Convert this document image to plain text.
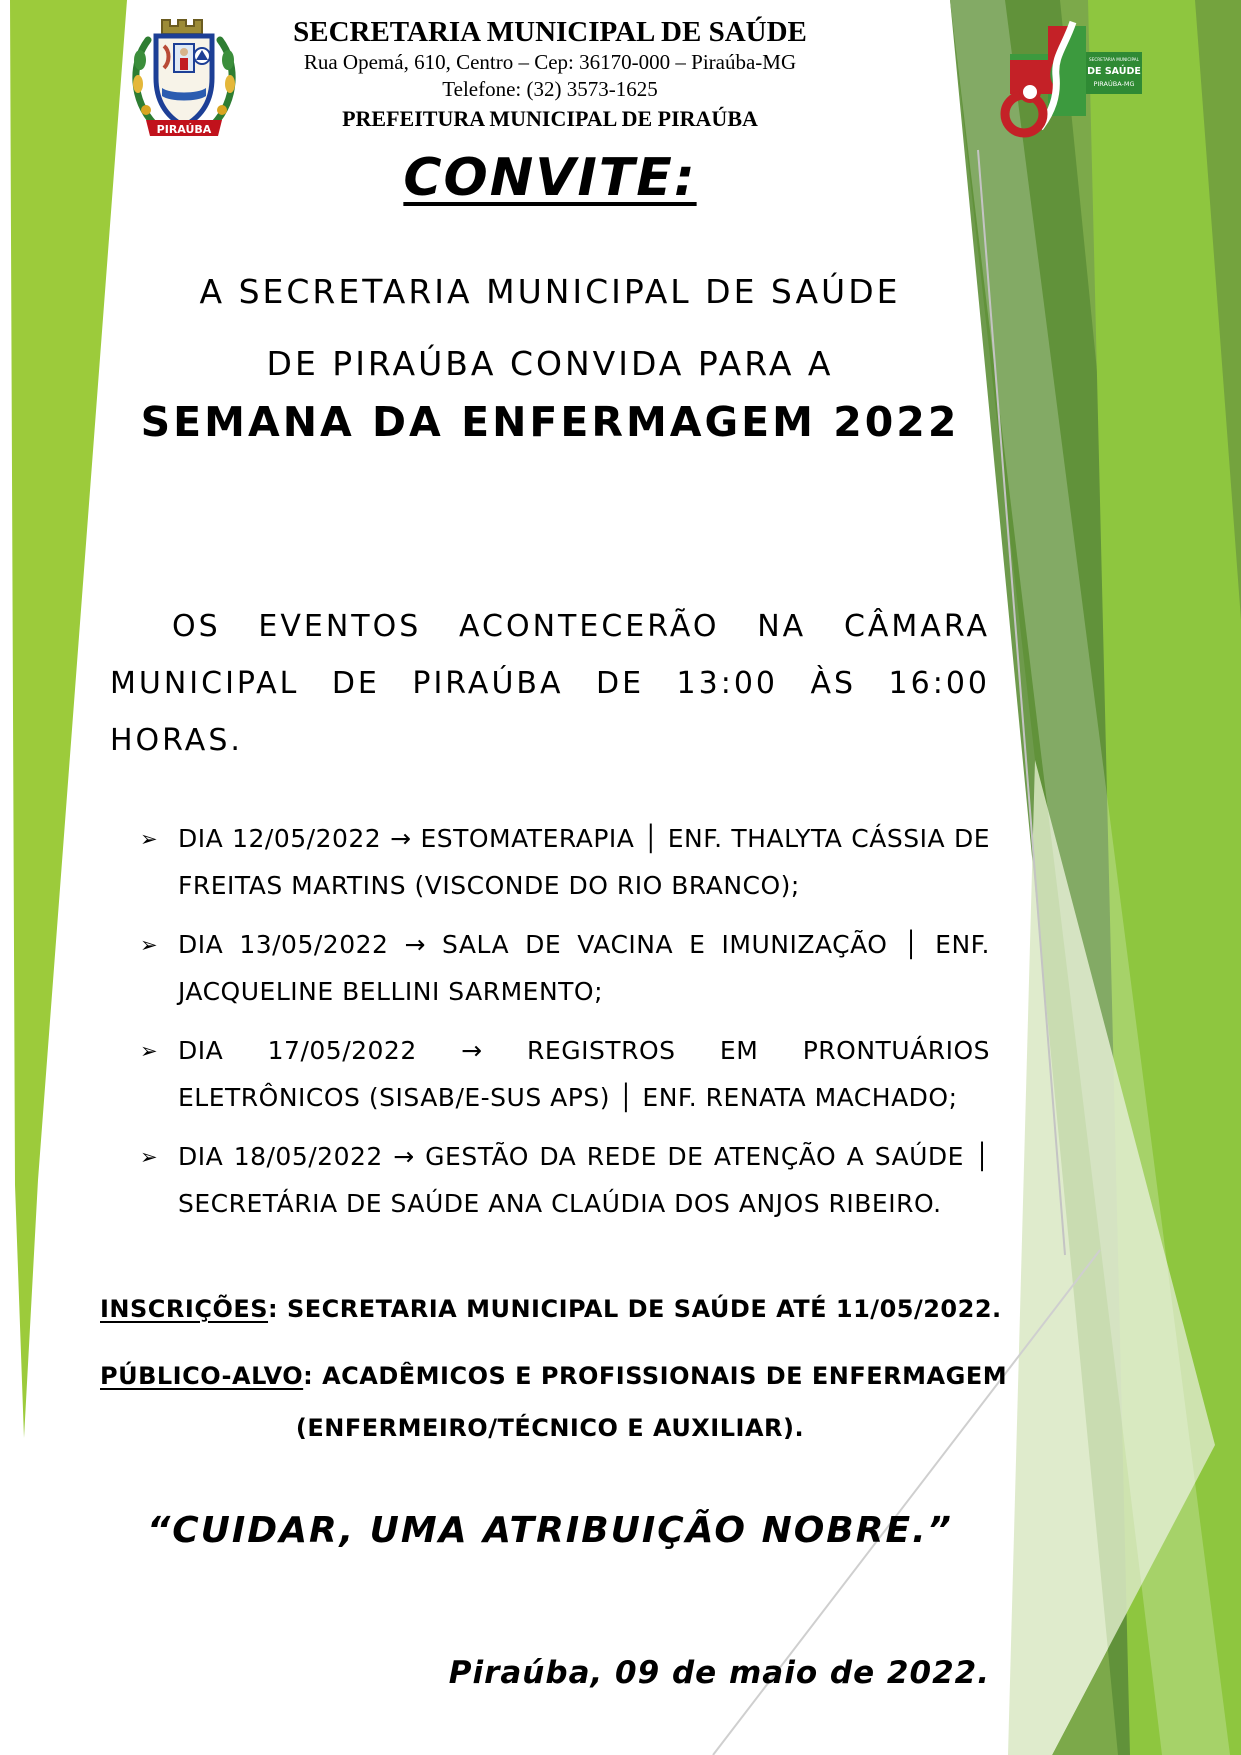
PIRAÚBA
SECRETARIA MUNICIPAL DE SAÚDE
Rua Opemá, 610, Centro – Cep: 36170-000 – Piraúba-MG
Telefone: (32) 3573-1625
PREFEITURA MUNICIPAL DE PIRAÚBA
SECRETARIA MUNICIPAL
DE SAÚDE
PIRAÚBA-MG
CONVITE:
A SECRETARIA MUNICIPAL DE SAÚDE
DE PIRAÚBA CONVIDA PARA A
SEMANA DA ENFERMAGEM 2022
OS EVENTOS ACONTECERÃO NA CÂMARA MUNICIPAL DE PIRAÚBA DE 13:00 ÀS 16:00 HORAS.
➢ DIA 12/05/2022 → ESTOMATERAPIA │ ENF. THALYTA CÁSSIA DE FREITAS MARTINS (VISCONDE DO RIO BRANCO);
➢ DIA 13/05/2022 → SALA DE VACINA E IMUNIZAÇÃO │ ENF. JACQUELINE BELLINI SARMENTO;
➢ DIA 17/05/2022 → REGISTROS EM PRONTUÁRIOS ELETRÔNICOS (SISAB/E-SUS APS) │ ENF. RENATA MACHADO;
➢ DIA 18/05/2022 → GESTÃO DA REDE DE ATENÇÃO A SAÚDE │ SECRETÁRIA DE SAÚDE ANA CLAÚDIA DOS ANJOS RIBEIRO.
INSCRIÇÕES: SECRETARIA MUNICIPAL DE SAÚDE ATÉ 11/05/2022.
PÚBLICO-ALVO: ACADÊMICOS E PROFISSIONAIS DE ENFERMAGEM
(ENFERMEIRO/TÉCNICO E AUXILIAR).
“CUIDAR, UMA ATRIBUIÇÃO NOBRE.”
Piraúba, 09 de maio de 2022.
